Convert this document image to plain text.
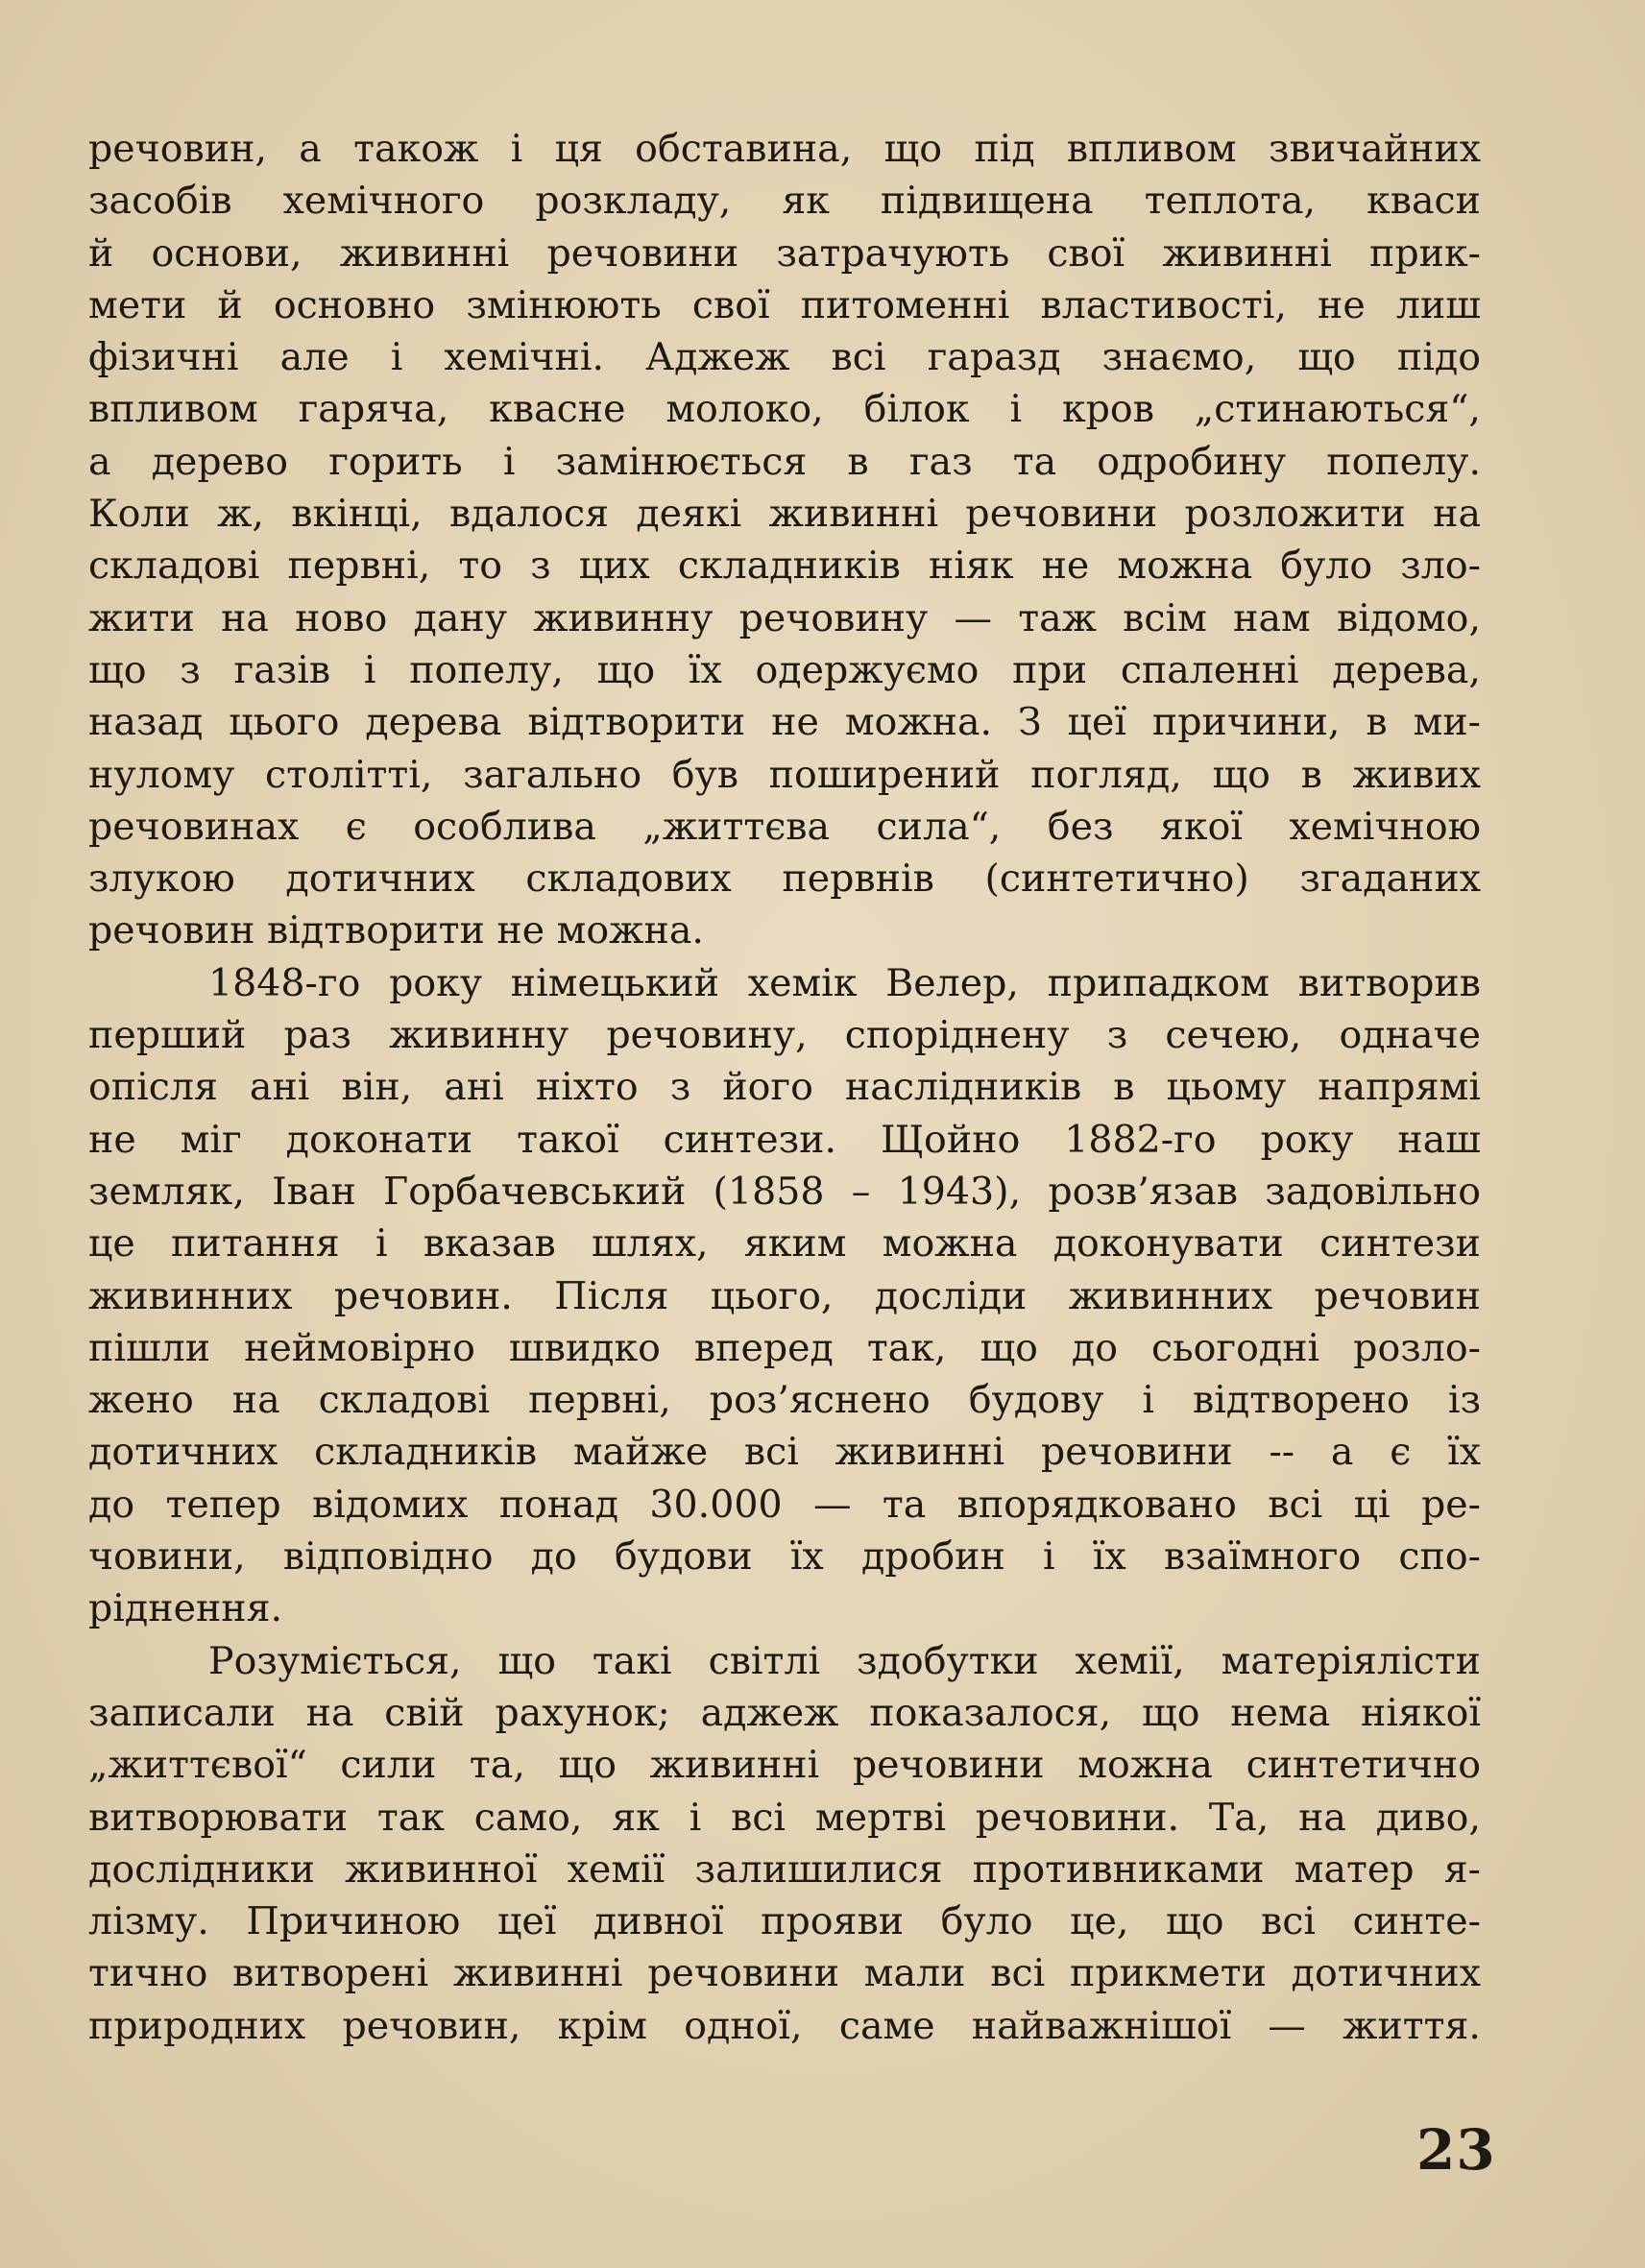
речовин, а також і ця обставина, що під впливом звичайних
засобів хемічного розкладу, як підвищена теплота, кваси
й основи, живинні речовини затрачують свої живинні прик-
мети й основно змінюють свої питоменні властивості, не лиш
фізичні але і хемічні. Аджеж всі гаразд знаємо, що підо
впливом гаряча, квасне молоко, білок і кров „стинаються“,
а дерево горить і замінюється в газ та одробину попелу.
Коли ж, вкінці, вдалося деякі живинні речовини розложити на
складові первні, то з цих складників ніяк не можна було зло-
жити на ново дану живинну речовину — таж всім нам відомо,
що з газів і попелу, що їх одержуємо при спаленні дерева,
назад цього дерева відтворити не можна. З цеї причини, в ми-
нулому столітті, загально був поширений погляд, що в живих
речовинах є особлива „життєва сила“, без якої хемічною
злукою дотичних складових первнів (синтетично) згаданих
речовин відтворити не можна.
1848-го року німецький хемік Велер, припадком витворив
перший раз живинну речовину, споріднену з сечею, одначе
опісля ані він, ані ніхто з його наслідників в цьому напрямі
не міг доконати такої синтези. Щойно 1882-го року наш
земляк, Іван Горбачевський (1858 – 1943), розв’язав задовільно
це питання і вказав шлях, яким можна доконувати синтези
живинних речовин. Після цього, досліди живинних речовин
пішли неймовірно швидко вперед так, що до сьогодні розло-
жено на складові первні, роз’яснено будову і відтворено із
дотичних складників майже всі живинні речовини -- а є їх
до тепер відомих понад 30.000 — та впорядковано всі ці ре-
човини, відповідно до будови їх дробин і їх взаїмного спо-
ріднення.
Розуміється, що такі світлі здобутки хемії, матеріялісти
записали на свій рахунок; аджеж показалося, що нема ніякої
„життєвої“ сили та, що живинні речовини можна синтетично
витворювати так само, як і всі мертві речовини. Та, на диво,
дослідники живинної хемії залишилися противниками матер я-
лізму. Причиною цеї дивної прояви було це, що всі синте-
тично витворені живинні речовини мали всі прикмети дотичних
природних речовин, крім одної, саме найважнішої — життя.
23
